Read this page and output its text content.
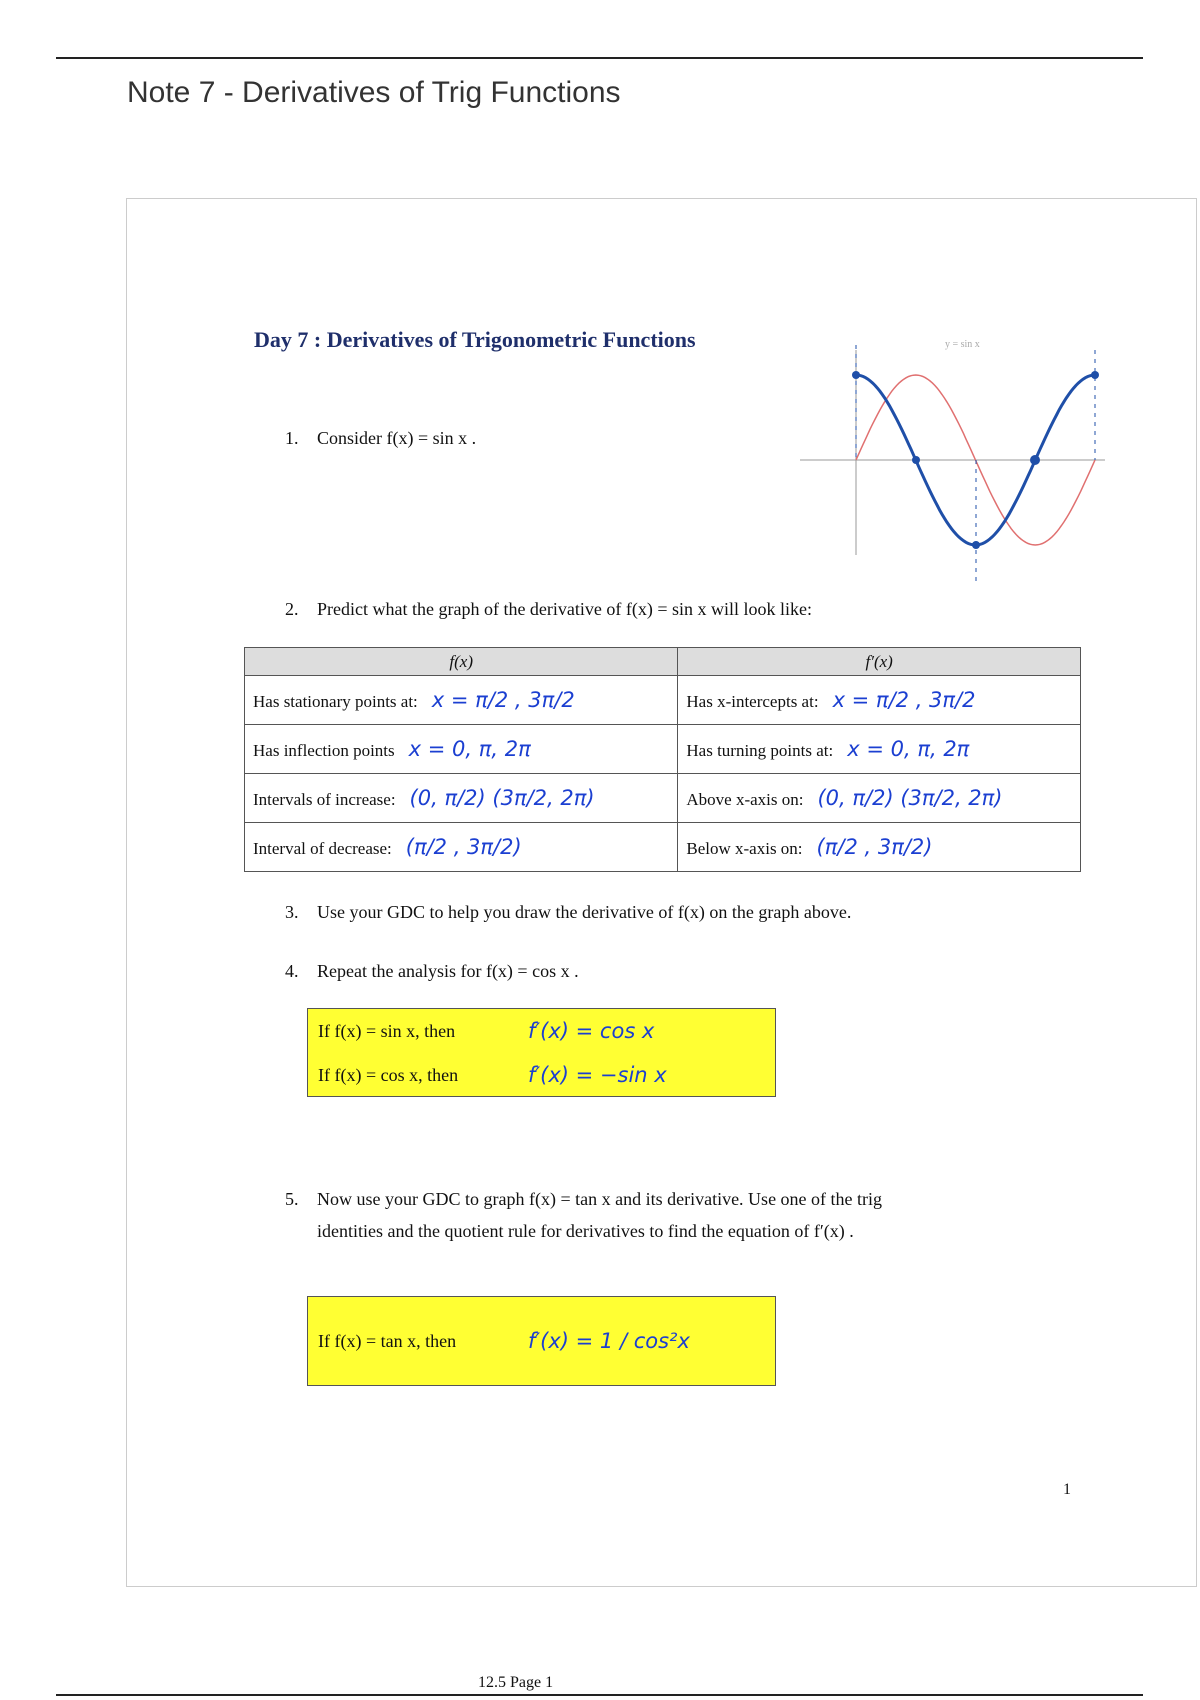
Note 7 - Derivatives of Trig Functions
Day 7 : Derivatives of Trigonometric Functions	y = sin x
1. Consider f(x) = sin x .
2. Predict what the graph of the derivative of f(x) = sin x will look like:
f(x)	f′(x)
Has stationary points at: x = π/2 , 3π/2	Has x-intercepts at: x = π/2 , 3π/2
Has inflection points x = 0, π, 2π	Has turning points at: x = 0, π, 2π
Intervals of increase: (0, π/2) (3π/2, 2π)	Above x-axis on: (0, π/2) (3π/2, 2π)
Interval of decrease: (π/2 , 3π/2)	Below x-axis on: (π/2 , 3π/2)
3. Use your GDC to help you draw the derivative of f(x) on the graph above.
4. Repeat the analysis for f(x) = cos x .
If f(x) = sin x, then	f′(x) = cos x
If f(x) = cos x, then	f′(x) = −sin x
5. Now use your GDC to graph f(x) = tan x and its derivative. Use one of the trig
identities and the quotient rule for derivatives to find the equation of f′(x) .
If f(x) = tan x, then	f′(x) = 1 / cos²x
1
12.5 Page 1
